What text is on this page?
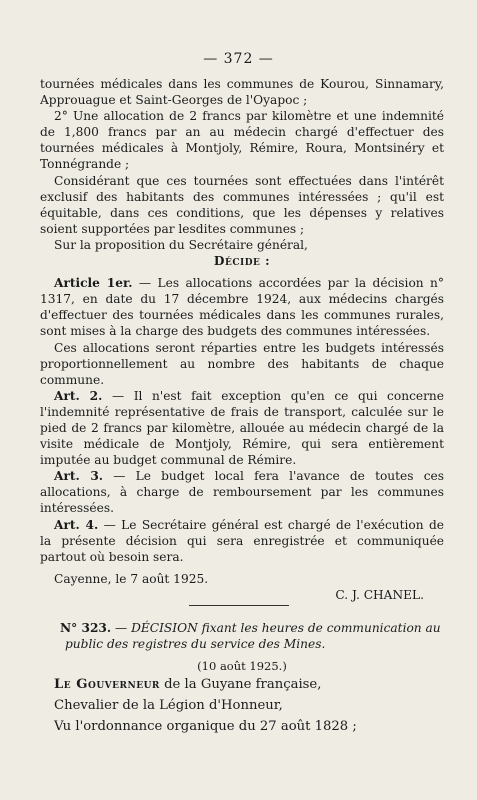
— 372 —

tournées médicales dans les communes de Kourou, Sinnamary, Approuague et Saint-Georges de l'Oyapoc ;

2° Une allocation de 2 francs par kilomètre et une indemnité de 1,800 francs par an au médecin chargé d'effectuer des tournées médicales à Montjoly, Rémire, Roura, Montsinéry et Tonnégrande ;

Considérant que ces tournées sont effectuées dans l'intérêt exclusif des habitants des communes intéressées ; qu'il est équitable, dans ces conditions, que les dépenses y relatives soient supportées par lesdites communes ;

Sur la proposition du Secrétaire général,

Décide :

Article 1er. — Les allocations accordées par la décision n° 1317, en date du 17 décembre 1924, aux médecins chargés d'effectuer des tournées médicales dans les communes rurales, sont mises à la charge des budgets des communes intéressées.

Ces allocations seront réparties entre les budgets intéressés proportionnellement au nombre des habitants de chaque commune.

Art. 2. — Il n'est fait exception qu'en ce qui concerne l'indemnité représentative de frais de transport, calculée sur le pied de 2 francs par kilomètre, allouée au médecin chargé de la visite médicale de Montjoly, Rémire, qui sera entièrement imputée au budget communal de Rémire.

Art. 3. — Le budget local fera l'avance de toutes ces allocations, à charge de remboursement par les communes intéressées.

Art. 4. — Le Secrétaire général est chargé de l'exécution de la présente décision qui sera enregistrée et communiquée partout où besoin sera.

Cayenne, le 7 août 1925.

C. J. CHANEL.

N° 323. — DÉCISION fixant les heures de communication au public des registres du service des Mines.

(10 août 1925.)

Le Gouverneur de la Guyane française,

Chevalier de la Légion d'Honneur,

Vu l'ordonnance organique du 27 août 1828 ;
